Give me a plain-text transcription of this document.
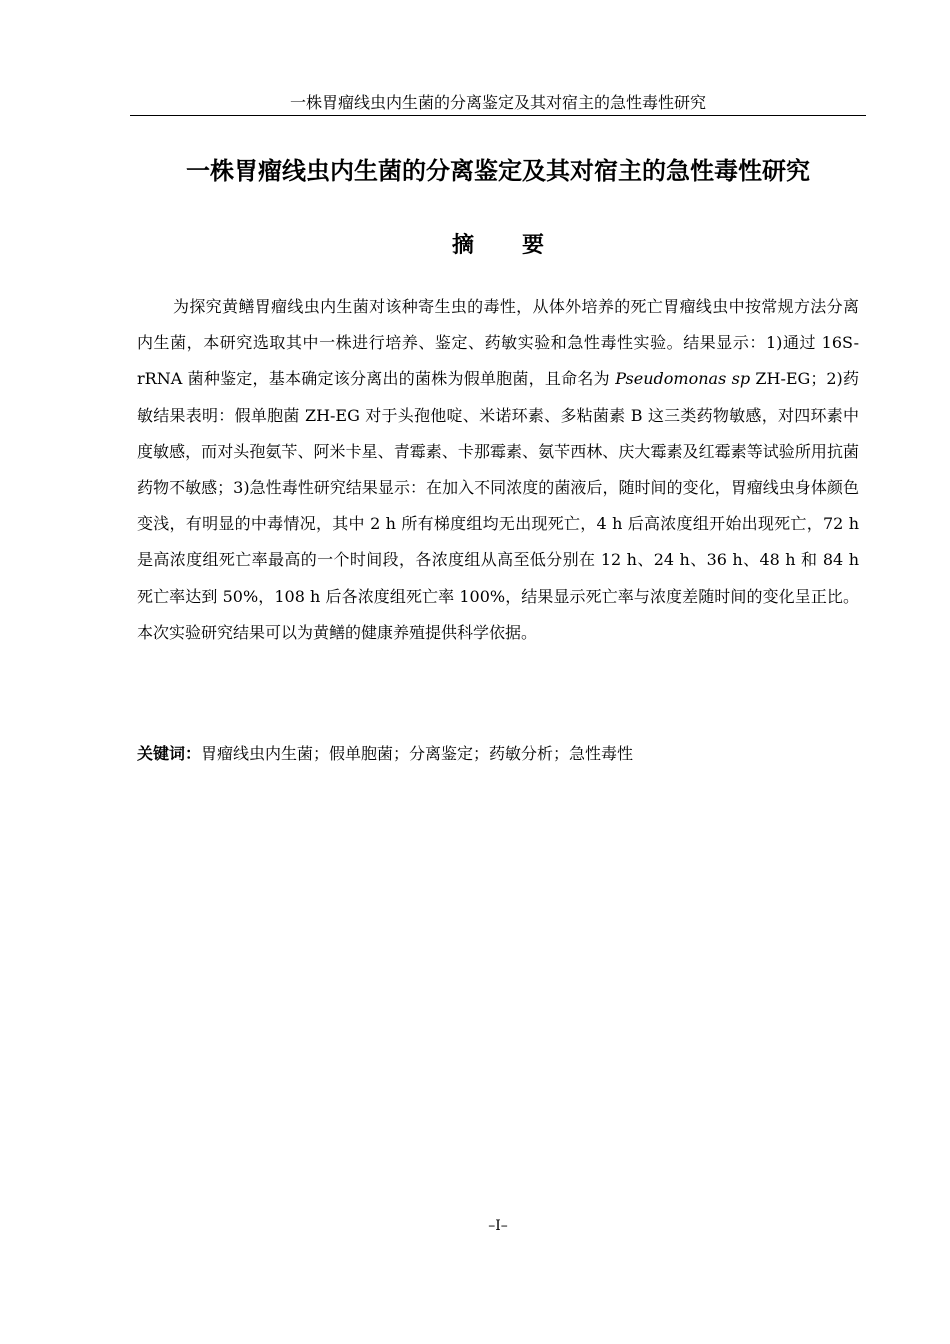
一株胃瘤线虫内生菌的分离鉴定及其对宿主的急性毒性研究
一株胃瘤线虫内生菌的分离鉴定及其对宿主的急性毒性研究
摘 要

为探究黄鳝胃瘤线虫内生菌对该种寄生虫的毒性，从体外培养的死亡胃瘤线虫中按常规方法分离内生菌，本研究选取其中一株进行培养、鉴定、药敏实验和急性毒性实验。结果显示：1)通过 16S-rRNA 菌种鉴定，基本确定该分离出的菌株为假单胞菌，且命名为 Pseudomonas sp ZH-EG；2)药敏结果表明：假单胞菌 ZH-EG 对于头孢他啶、米诺环素、多粘菌素 B 这三类药物敏感，对四环素中度敏感，而对头孢氨苄、阿米卡星、青霉素、卡那霉素、氨苄西林、庆大霉素及红霉素等试验所用抗菌药物不敏感；3)急性毒性研究结果显示：在加入不同浓度的菌液后，随时间的变化，胃瘤线虫身体颜色变浅，有明显的中毒情况，其中 2 h 所有梯度组均无出现死亡，4 h 后高浓度组开始出现死亡，72 h 是高浓度组死亡率最高的一个时间段，各浓度组从高至低分别在 12 h、24 h、36 h、48 h 和 84 h 死亡率达到 50%，108 h 后各浓度组死亡率 100%，结果显示死亡率与浓度差随时间的变化呈正比。本次实验研究结果可以为黄鳝的健康养殖提供科学依据。

关键词：胃瘤线虫内生菌；假单胞菌；分离鉴定；药敏分析；急性毒性
–I–
